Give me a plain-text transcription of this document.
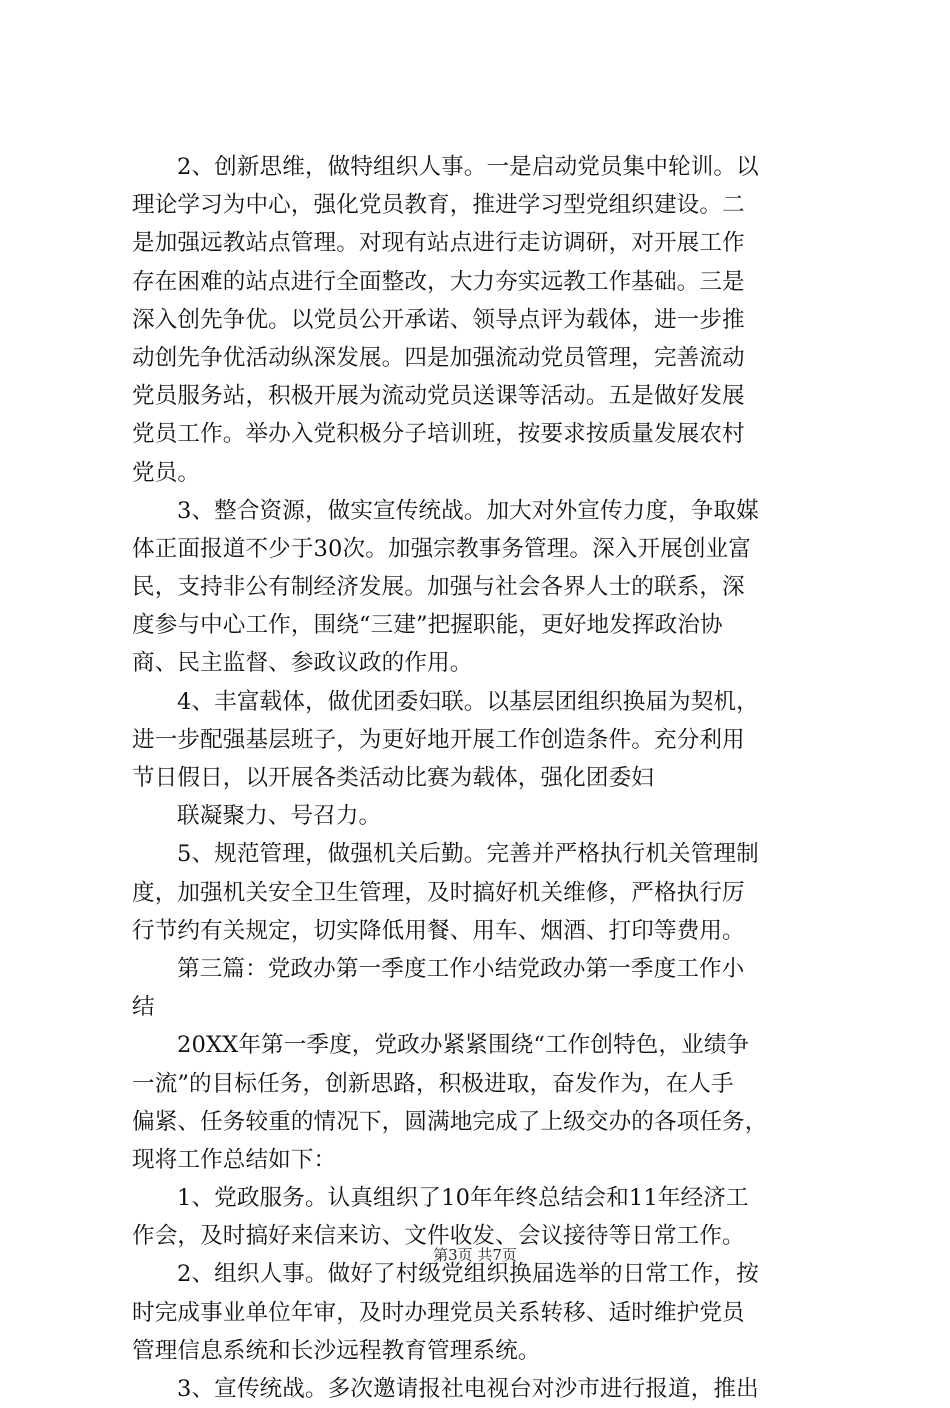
2、创新思维，做特组织人事。一是启动党员集中轮训。以
理论学习为中心，强化党员教育，推进学习型党组织建设。二
是加强远教站点管理。对现有站点进行走访调研，对开展工作
存在困难的站点进行全面整改，大力夯实远教工作基础。三是
深入创先争优。以党员公开承诺、领导点评为载体，进一步推
动创先争优活动纵深发展。四是加强流动党员管理，完善流动
党员服务站，积极开展为流动党员送课等活动。五是做好发展
党员工作。举办入党积极分子培训班，按要求按质量发展农村
党员。
3、整合资源，做实宣传统战。加大对外宣传力度，争取媒
体正面报道不少于30次。加强宗教事务管理。深入开展创业富
民，支持非公有制经济发展。加强与社会各界人士的联系，深
度参与中心工作，围绕“三建”把握职能，更好地发挥政治协
商、民主监督、参政议政的作用。
4、丰富载体，做优团委妇联。以基层团组织换届为契机，
进一步配强基层班子，为更好地开展工作创造条件。充分利用
节日假日，以开展各类活动比赛为载体，强化团委妇
联凝聚力、号召力。
5、规范管理，做强机关后勤。完善并严格执行机关管理制
度，加强机关安全卫生管理，及时搞好机关维修，严格执行厉
行节约有关规定，切实降低用餐、用车、烟酒、打印等费用。
第三篇：党政办第一季度工作小结党政办第一季度工作小
结
20XX年第一季度，党政办紧紧围绕“工作创特色，业绩争
一流”的目标任务，创新思路，积极进取，奋发作为，在人手
偏紧、任务较重的情况下，圆满地完成了上级交办的各项任务，
现将工作总结如下：
1、党政服务。认真组织了10年年终总结会和11年经济工
作会，及时搞好来信来访、文件收发、会议接待等日常工作。
2、组织人事。做好了村级党组织换届选举的日常工作，按
时完成事业单位年审，及时办理党员关系转移、适时维护党员
管理信息系统和长沙远程教育管理系统。
3、宣传统战。多次邀请报社电视台对沙市进行报道，推出
第3页 共7页
